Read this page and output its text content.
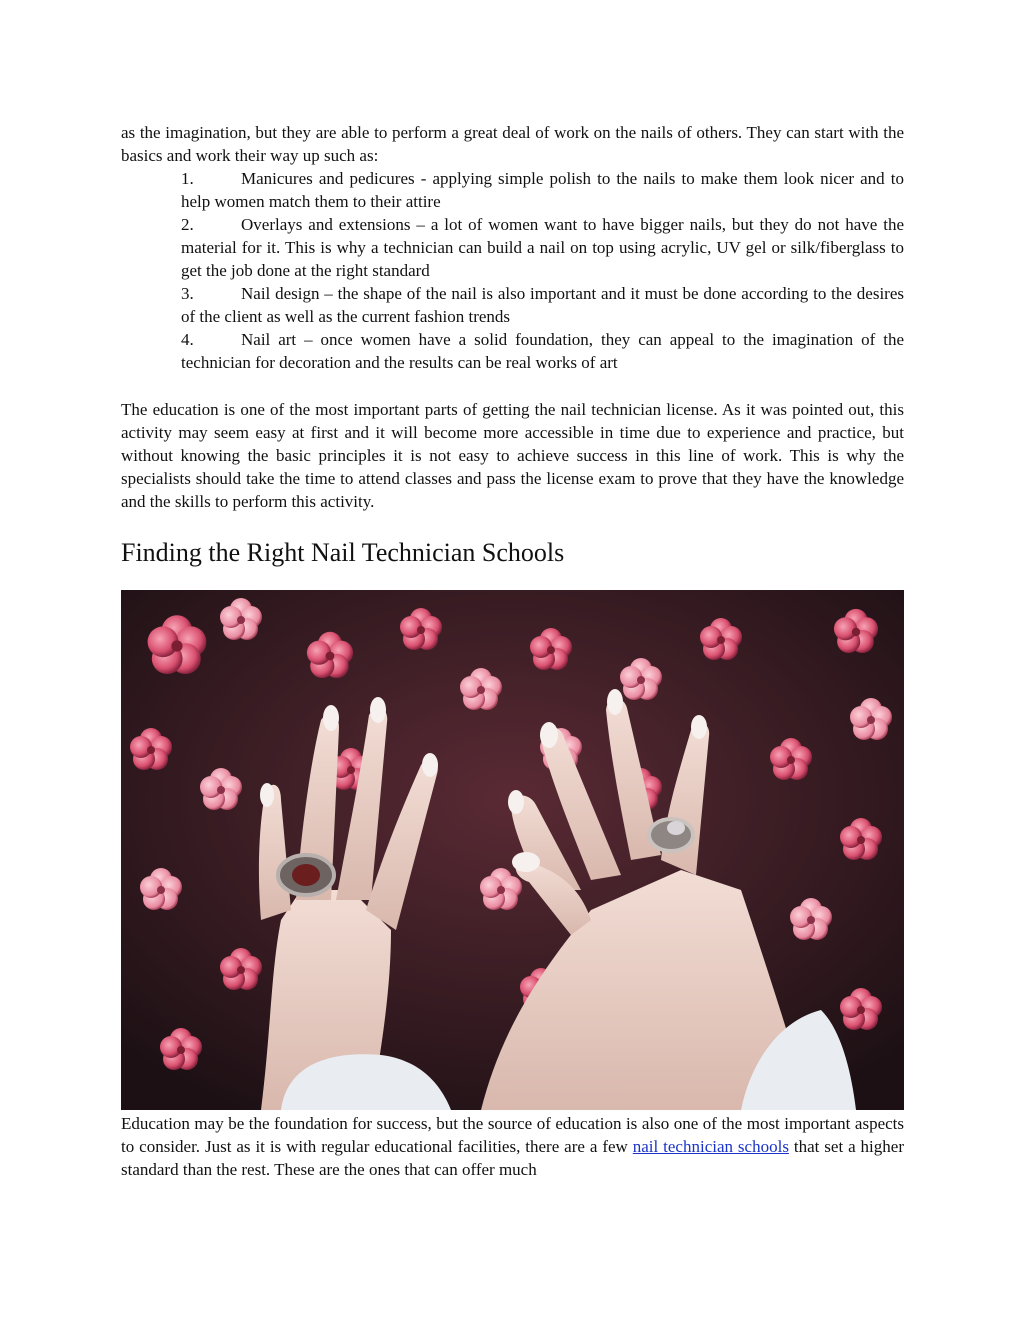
as the imagination, but they are able to perform a great deal of work on the nails of others. They can start with the basics and work their way up such as:

1.	Manicures and pedicures - applying simple polish to the nails to make them look nicer and to help women match them to their attire
2.	Overlays and extensions – a lot of women want to have bigger nails, but they do not have the material for it. This is why a technician can build a nail on top using acrylic, UV gel or silk/fiberglass to get the job done at the right standard
3.	Nail design – the shape of the nail is also important and it must be done according to the desires of the client as well as the current fashion trends
4.	Nail art – once women have a solid foundation, they can appeal to the imagination of the technician for decoration and the results can be real works of art

The education is one of the most important parts of getting the nail technician license. As it was pointed out, this activity may seem easy at first and it will become more accessible in time due to experience and practice, but without knowing the basic principles it is not easy to achieve success in this line of work. This is why the specialists should take the time to attend classes and pass the license exam to prove that they have the knowledge and the skills to perform this activity.

Finding the Right Nail Technician Schools

Education may be the foundation for success, but the source of education is also one of the most important aspects to consider. Just as it is with regular educational facilities, there are a few nail technician schools that set a higher standard than the rest. These are the ones that can offer much
